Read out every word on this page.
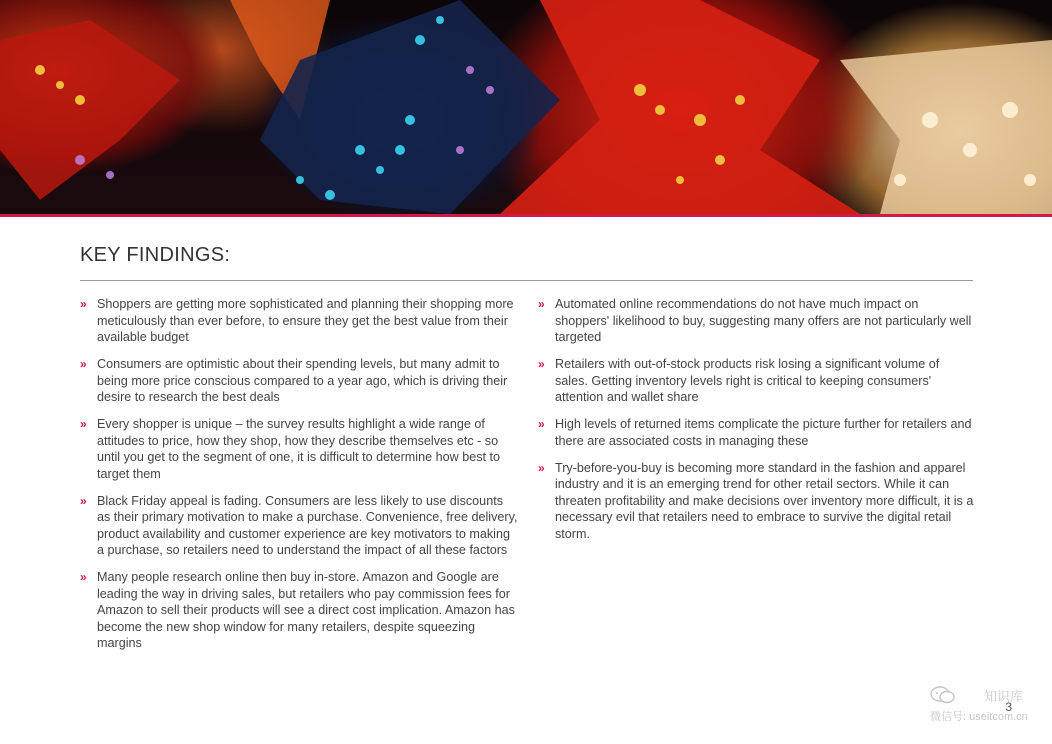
KEY FINDINGS:
» Shoppers are getting more sophisticated and planning their shopping more meticulously than ever before, to ensure they get the best value from their available budget
» Consumers are optimistic about their spending levels, but many admit to being more price conscious compared to a year ago, which is driving their desire to research the best deals
» Every shopper is unique – the survey results highlight a wide range of attitudes to price, how they shop, how they describe themselves etc - so until you get to the segment of one, it is difficult to determine how best to target them
» Black Friday appeal is fading. Consumers are less likely to use discounts as their primary motivation to make a purchase. Convenience, free delivery, product availability and customer experience are key motivators to making a purchase, so retailers need to understand the impact of all these factors
» Many people research online then buy in-store. Amazon and Google are leading the way in driving sales, but retailers who pay commission fees for Amazon to sell their products will see a direct cost implication. Amazon has become the new shop window for many retailers, despite squeezing margins
» Automated online recommendations do not have much impact on shoppers' likelihood to buy, suggesting many offers are not particularly well targeted
» Retailers with out-of-stock products risk losing a significant volume of sales. Getting inventory levels right is critical to keeping consumers' attention and wallet share
» High levels of returned items complicate the picture further for retailers and there are associated costs in managing these
» Try-before-you-buy is becoming more standard in the fashion and apparel industry and it is an emerging trend for other retail sectors. While it can threaten profitability and make decisions over inventory more difficult, it is a necessary evil that retailers need to embrace to survive the digital retail storm.
3
知识库
微信号: useitcom.cn
